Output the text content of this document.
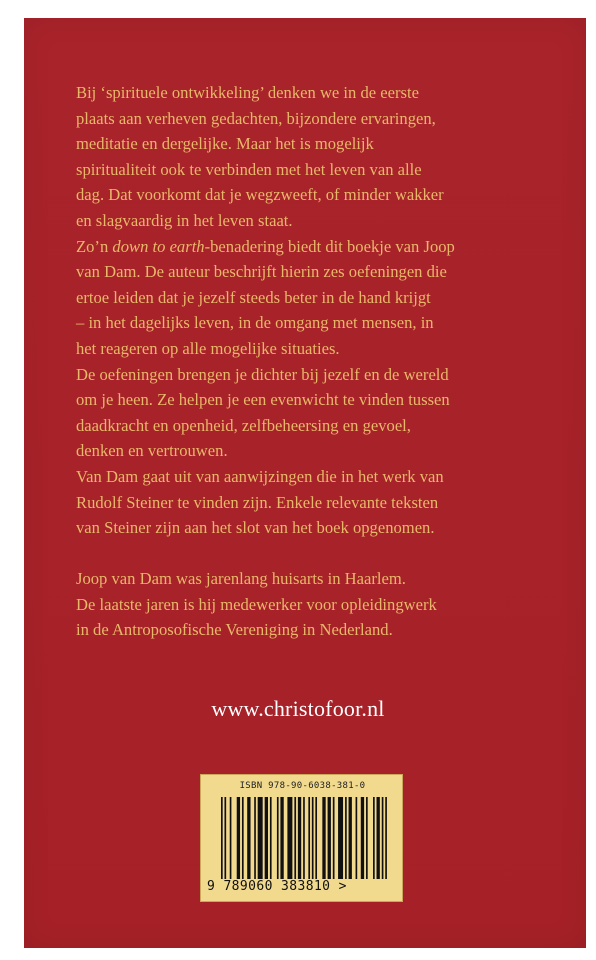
Bij ‘spirituele ontwikkeling’ denken we in de eerste

plaats aan verheven gedachten, bijzondere ervaringen,

meditatie en dergelijke. Maar het is mogelijk

spiritualiteit ook te verbinden met het leven van alle

dag. Dat voorkomt dat je wegzweeft, of minder wakker

en slagvaardig in het leven staat.

Zo’n down to earth-benadering biedt dit boekje van Joop

van Dam. De auteur beschrijft hierin zes oefeningen die

ertoe leiden dat je jezelf steeds beter in de hand krijgt

– in het dagelijks leven, in de omgang met mensen, in

het reageren op alle mogelijke situaties.

De oefeningen brengen je dichter bij jezelf en de wereld

om je heen. Ze helpen je een evenwicht te vinden tussen

daadkracht en openheid, zelfbeheersing en gevoel,

denken en vertrouwen.

Van Dam gaat uit van aanwijzingen die in het werk van

Rudolf Steiner te vinden zijn. Enkele relevante teksten

van Steiner zijn aan het slot van het boek opgenomen.

Joop van Dam was jarenlang huisarts in Haarlem.

De laatste jaren is hij medewerker voor opleidingwerk

in de Antroposofische Vereniging in Nederland.

www.christofoor.nl
ISBN 978-90-6038-381-0
9 789060 383810 >
